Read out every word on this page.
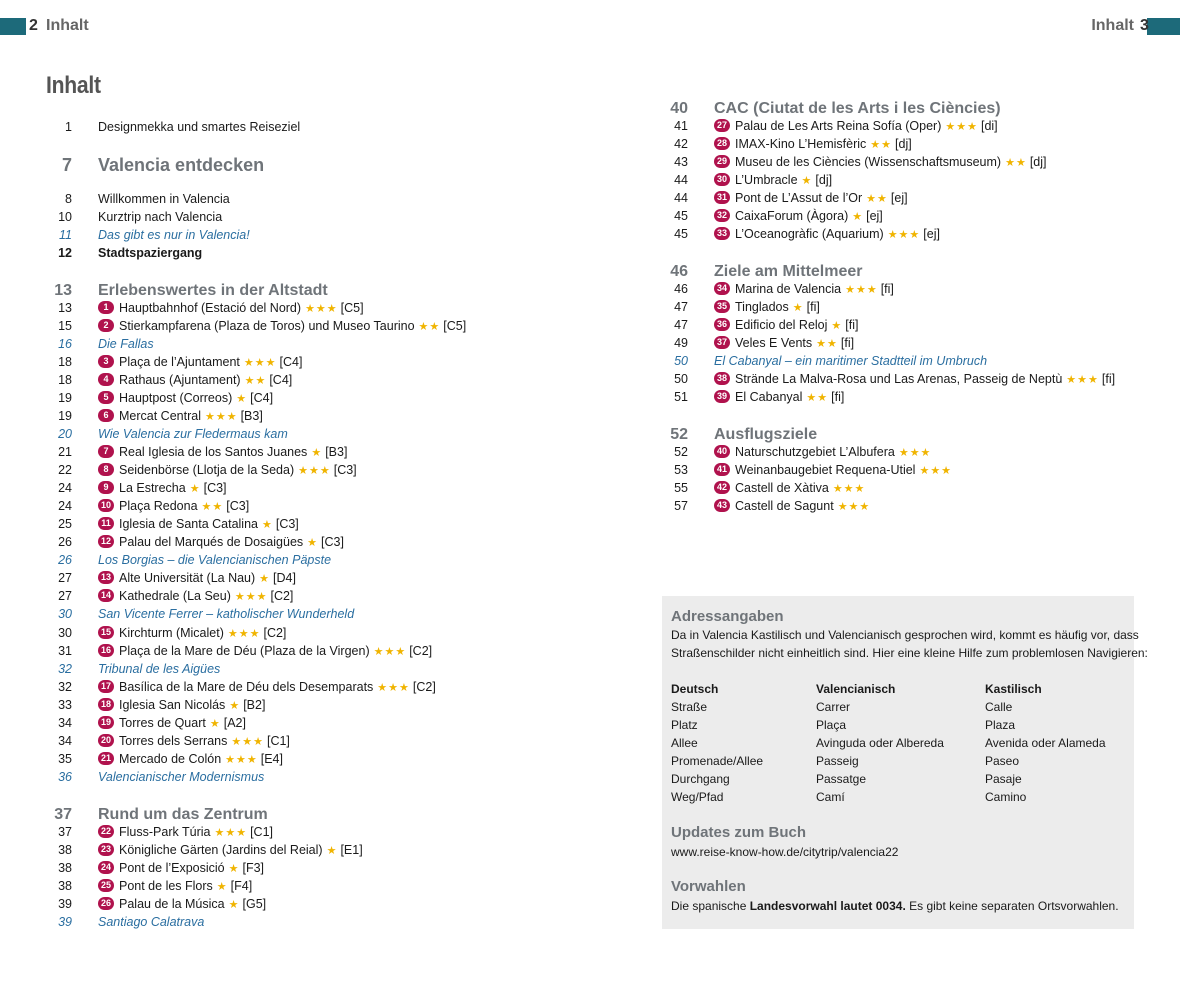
2 Inhalt	Inhalt 3
Inhalt
1 Designmekka und smartes Reiseziel
7 Valencia entdecken
8 Willkommen in Valencia
10 Kurztrip nach Valencia
11 Das gibt es nur in Valencia!
12 Stadtspaziergang
13 Erlebenswertes in der Altstadt
13	1 Hauptbahnhof (Estació del Nord) ★★★ [C5]
15	2 Stierkampfarena (Plaza de Toros) und Museo Taurino ★★ [C5]
16 Die Fallas
18	3 Plaça de l’Ajuntament ★★★ [C4]
18	4 Rathaus (Ajuntament) ★★ [C4]
19	5 Hauptpost (Correos) ★ [C4]
19	6 Mercat Central ★★★ [B3]
20 Wie Valencia zur Fledermaus kam
21	7 Real Iglesia de los Santos Juanes ★ [B3]
22	8 Seidenbörse (Llotja de la Seda) ★★★ [C3]
24	9 La Estrecha ★ [C3]
24	10 Plaça Redona ★★ [C3]
25	11 Iglesia de Santa Catalina ★ [C3]
26	12 Palau del Marqués de Dosaigües ★ [C3]
26 Los Borgias – die Valencianischen Päpste
27	13 Alte Universität (La Nau) ★ [D4]
27	14 Kathedrale (La Seu) ★★★ [C2]
30 San Vicente Ferrer – katholischer Wunderheld
30	15 Kirchturm (Micalet) ★★★ [C2]
31	16 Plaça de la Mare de Déu (Plaza de la Virgen) ★★★ [C2]
32 Tribunal de les Aigües
32	17 Basílica de la Mare de Déu dels Desemparats ★★★ [C2]
33	18 Iglesia San Nicolás ★ [B2]
34	19 Torres de Quart ★ [A2]
34	20 Torres dels Serrans ★★★ [C1]
35	21 Mercado de Colón ★★★ [E4]
36 Valencianischer Modernismus
37 Rund um das Zentrum
37	22 Fluss-Park Túria ★★★ [C1]
38	23 Königliche Gärten (Jardins del Reial) ★ [E1]
38	24 Pont de l’Exposició ★ [F3]
38	25 Pont de les Flors ★ [F4]
39	26 Palau de la Música ★ [G5]
39 Santiago Calatrava
40 CAC (Ciutat de les Arts i les Ciències)
41	27 Palau de Les Arts Reina Sofía (Oper) ★★★ [di]
42	28 IMAX-Kino L’Hemisfèric ★★ [dj]
43	29 Museu de les Ciències (Wissenschaftsmuseum) ★★ [dj]
44	30 L’Umbracle ★ [dj]
44	31 Pont de L’Assut de l’Or ★★ [ej]
45	32 CaixaForum (Àgora) ★ [ej]
45	33 L’Oceanogràfic (Aquarium) ★★★ [ej]
46 Ziele am Mittelmeer
46	34 Marina de Valencia ★★★ [fi]
47	35 Tinglados ★ [fi]
47	36 Edificio del Reloj ★ [fi]
49	37 Veles E Vents ★★ [fi]
50 El Cabanyal – ein maritimer Stadtteil im Umbruch
50	38 Strände La Malva-Rosa und Las Arenas, Passeig de Neptù ★★★ [fi]
51	39 El Cabanyal ★★ [fi]
52 Ausflugsziele
52	40 Naturschutzgebiet L’Albufera ★★★
53	41 Weinanbaugebiet Requena-Utiel ★★★
55	42 Castell de Xàtiva ★★★
57	43 Castell de Sagunt ★★★
Adressangaben
Da in Valencia Kastilisch und Valencianisch gesprochen wird, kommt es häufig vor, dass
Straßenschilder nicht einheitlich sind. Hier eine kleine Hilfe zum problemlosen Navigieren:
Deutsch	Valencianisch	Kastilisch
Straße	Carrer	Calle
Platz	Plaça	Plaza
Allee	Avinguda oder Albereda	Avenida oder Alameda
Promenade/Allee	Passeig	Paseo
Durchgang	Passatge	Pasaje
Weg/Pfad	Camí	Camino
Updates zum Buch
www.reise-know-how.de/citytrip/valencia22
Vorwahlen
Die spanische Landesvorwahl lautet 0034. Es gibt keine separaten Ortsvorwahlen.
